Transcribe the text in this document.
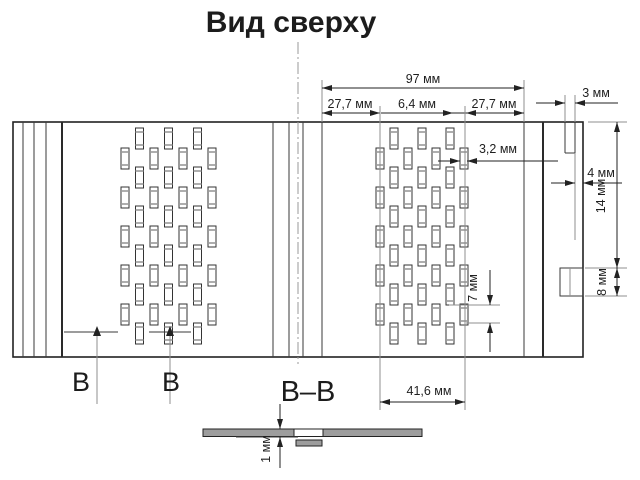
Вид сверху
97 мм
27,7 мм 6,4 мм	27,7 мм
3 мм
3,2 мм
4 мм
14 мм
8 мм
7 мм
41,6 мм
В	В	В–В
1 мм
